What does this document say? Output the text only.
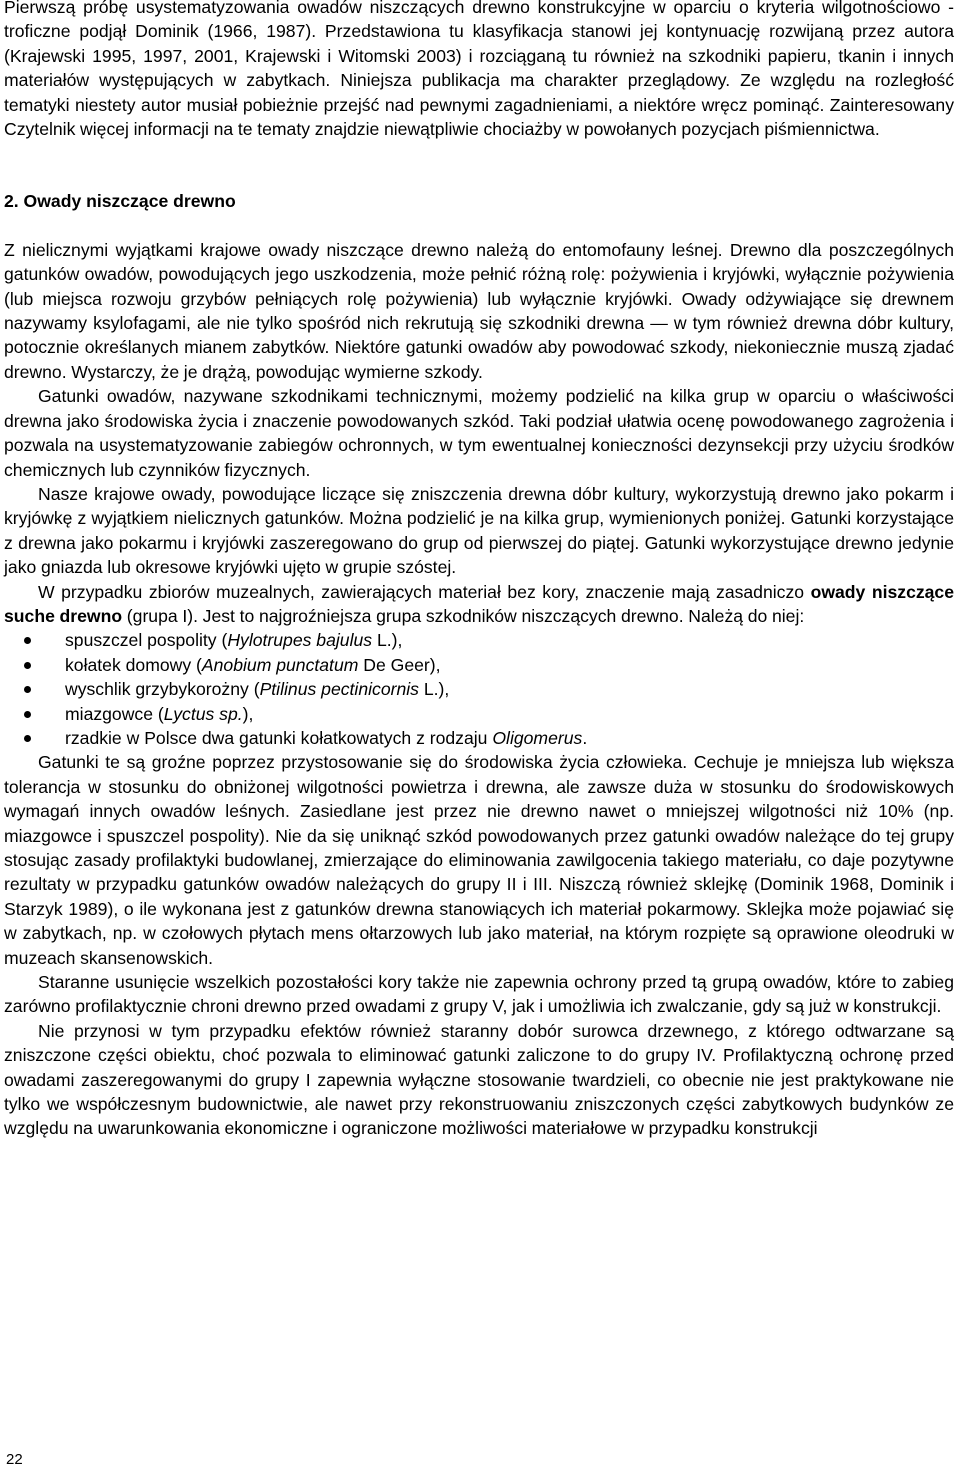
Pierwszą próbę usystematyzowania owadów niszczących drewno konstrukcyjne w oparciu o kryteria wilgotnościowo - troficzne podjął Dominik (1966, 1987). Przedstawiona tu klasyfikacja stanowi jej kontynuację rozwijaną przez autora (Krajewski 1995, 1997, 2001, Krajewski i Witomski 2003) i rozciąganą tu również na szkodniki papieru, tkanin i innych materiałów występujących w zabytkach. Niniejsza publikacja ma charakter przeglądowy. Ze względu na rozległość tematyki niestety autor musiał pobieżnie przejść nad pewnymi zagadnieniami, a niektóre wręcz pominąć. Zainteresowany Czytelnik więcej informacji na te tematy znajdzie niewątpliwie chociażby w powołanych pozycjach piśmiennictwa.

2. Owady niszczące drewno

Z nielicznymi wyjątkami krajowe owady niszczące drewno należą do entomofauny leśnej. Drewno dla poszczególnych gatunków owadów, powodujących jego uszkodzenia, może pełnić różną rolę: pożywienia i kryjówki, wyłącznie pożywienia (lub miejsca rozwoju grzybów pełniących rolę pożywienia) lub wyłącznie kryjówki. Owady odżywiające się drewnem nazywamy ksylofagami, ale nie tylko spośród nich rekrutują się szkodniki drewna — w tym również drewna dóbr kultury, potocznie określanych mianem zabytków. Niektóre gatunki owadów aby powodować szkody, niekoniecznie muszą zjadać drewno. Wystarczy, że je drążą, powodując wymierne szkody.

Gatunki owadów, nazywane szkodnikami technicznymi, możemy podzielić na kilka grup w oparciu o właściwości drewna jako środowiska życia i znaczenie powodowanych szkód. Taki podział ułatwia ocenę powodowanego zagrożenia i pozwala na usystematyzowanie zabiegów ochronnych, w tym ewentualnej konieczności dezynsekcji przy użyciu środków chemicznych lub czynników fizycznych.

Nasze krajowe owady, powodujące liczące się zniszczenia drewna dóbr kultury, wykorzystują drewno jako pokarm i kryjówkę z wyjątkiem nielicznych gatunków. Można podzielić je na kilka grup, wymienionych poniżej. Gatunki korzystające z drewna jako pokarmu i kryjówki zaszeregowano do grup od pierwszej do piątej. Gatunki wykorzystujące drewno jedynie jako gniazda lub okresowe kryjówki ujęto w grupie szóstej.

W przypadku zbiorów muzealnych, zawierających materiał bez kory, znaczenie mają zasadniczo owady niszczące suche drewno (grupa I). Jest to najgroźniejsza grupa szkodników niszczących drewno. Należą do niej:

spuszczel pospolity (Hylotrupes bajulus L.),
kołatek domowy (Anobium punctatum De Geer),
wyschlik grzybykorożny (Ptilinus pectinicornis L.),
miazgowce (Lyctus sp.),
rzadkie w Polsce dwa gatunki kołatkowatych z rodzaju Oligomerus.

Gatunki te są groźne poprzez przystosowanie się do środowiska życia człowieka. Cechuje je mniejsza lub większa tolerancja w stosunku do obniżonej wilgotności powietrza i drewna, ale zawsze duża w stosunku do środowiskowych wymagań innych owadów leśnych. Zasiedlane jest przez nie drewno nawet o mniejszej wilgotności niż 10% (np. miazgowce i spuszczel pospolity). Nie da się uniknąć szkód powodowanych przez gatunki owadów należące do tej grupy stosując zasady profilaktyki budowlanej, zmierzające do eliminowania zawilgocenia takiego materiału, co daje pozytywne rezultaty w przypadku gatunków owadów należących do grupy II i III. Niszczą również sklejkę (Dominik 1968, Dominik i Starzyk 1989), o ile wykonana jest z gatunków drewna stanowiących ich materiał pokarmowy. Sklejka może pojawiać się w zabytkach, np. w czołowych płytach mens ołtarzowych lub jako materiał, na którym rozpięte są oprawione oleodruki w muzeach skansenowskich.

Staranne usunięcie wszelkich pozostałości kory także nie zapewnia ochrony przed tą grupą owadów, które to zabieg zarówno profilaktycznie chroni drewno przed owadami z grupy V, jak i umożliwia ich zwalczanie, gdy są już w konstrukcji.

Nie przynosi w tym przypadku efektów również staranny dobór surowca drzewnego, z którego odtwarzane są zniszczone części obiektu, choć pozwala to eliminować gatunki zaliczone to do grupy IV. Profilaktyczną ochronę przed owadami zaszeregowanymi do grupy I zapewnia wyłączne stosowanie twardzieli, co obecnie nie jest praktykowane nie tylko we współczesnym budownictwie, ale nawet przy rekonstruowaniu zniszczonych części zabytkowych budynków ze względu na uwarunkowania ekonomiczne i ograniczone możliwości materiałowe w przypadku konstrukcji

22
